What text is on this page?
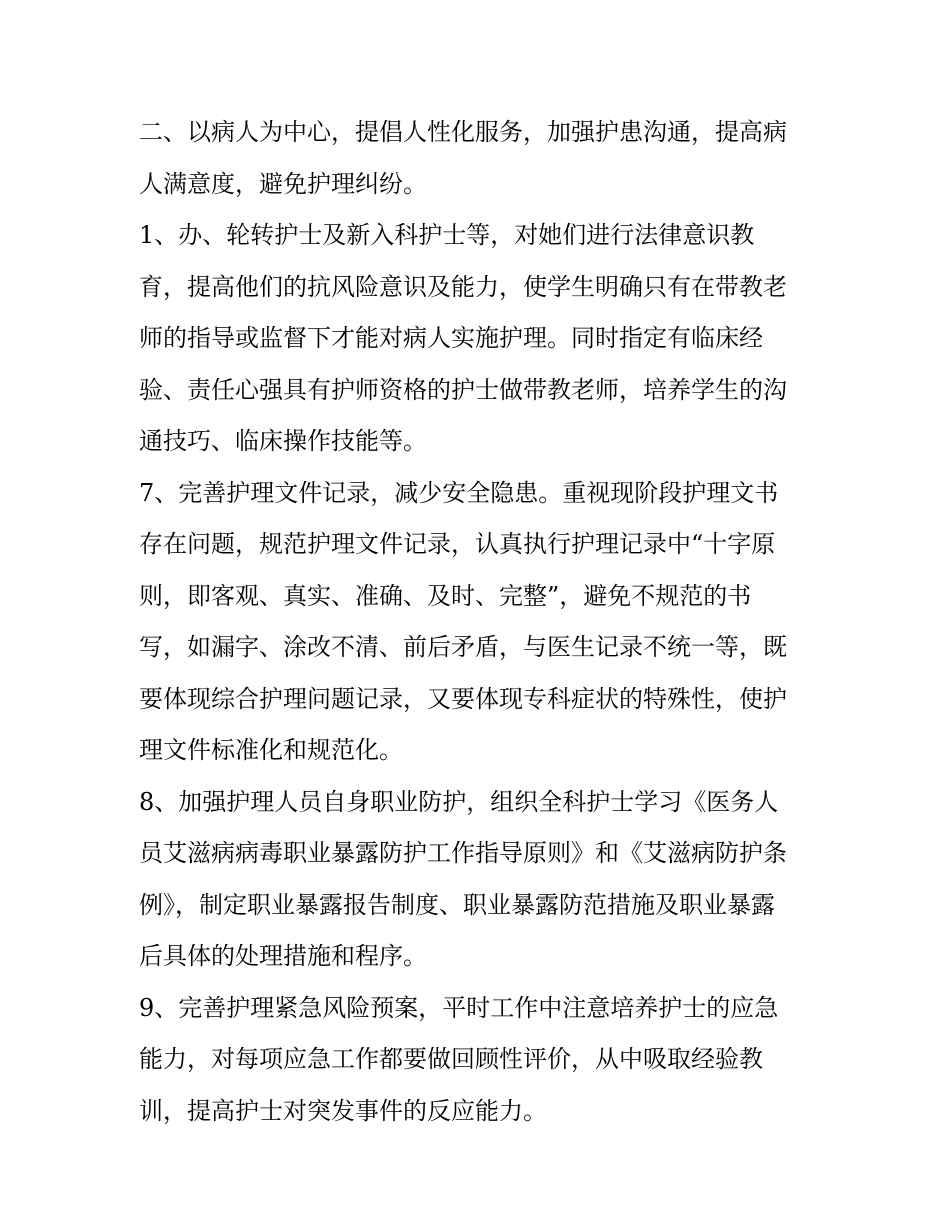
二、以病人为中心，提倡人性化服务，加强护患沟通，提高病
人满意度，避免护理纠纷。
1、办、轮转护士及新入科护士等，对她们进行法律意识教
育，提高他们的抗风险意识及能力，使学生明确只有在带教老
师的指导或监督下才能对病人实施护理。同时指定有临床经
验、责任心强具有护师资格的护士做带教老师，培养学生的沟
通技巧、临床操作技能等。
7、完善护理文件记录，减少安全隐患。重视现阶段护理文书
存在问题，规范护理文件记录，认真执行护理记录中“十字原
则，即客观、真实、准确、及时、完整”，避免不规范的书
写，如漏字、涂改不清、前后矛盾，与医生记录不统一等，既
要体现综合护理问题记录，又要体现专科症状的特殊性，使护
理文件标准化和规范化。
8、加强护理人员自身职业防护，组织全科护士学习《医务人
员艾滋病病毒职业暴露防护工作指导原则》和《艾滋病防护条
例》，制定职业暴露报告制度、职业暴露防范措施及职业暴露
后具体的处理措施和程序。
9、完善护理紧急风险预案，平时工作中注意培养护士的应急
能力，对每项应急工作都要做回顾性评价，从中吸取经验教
训，提高护士对突发事件的反应能力。
